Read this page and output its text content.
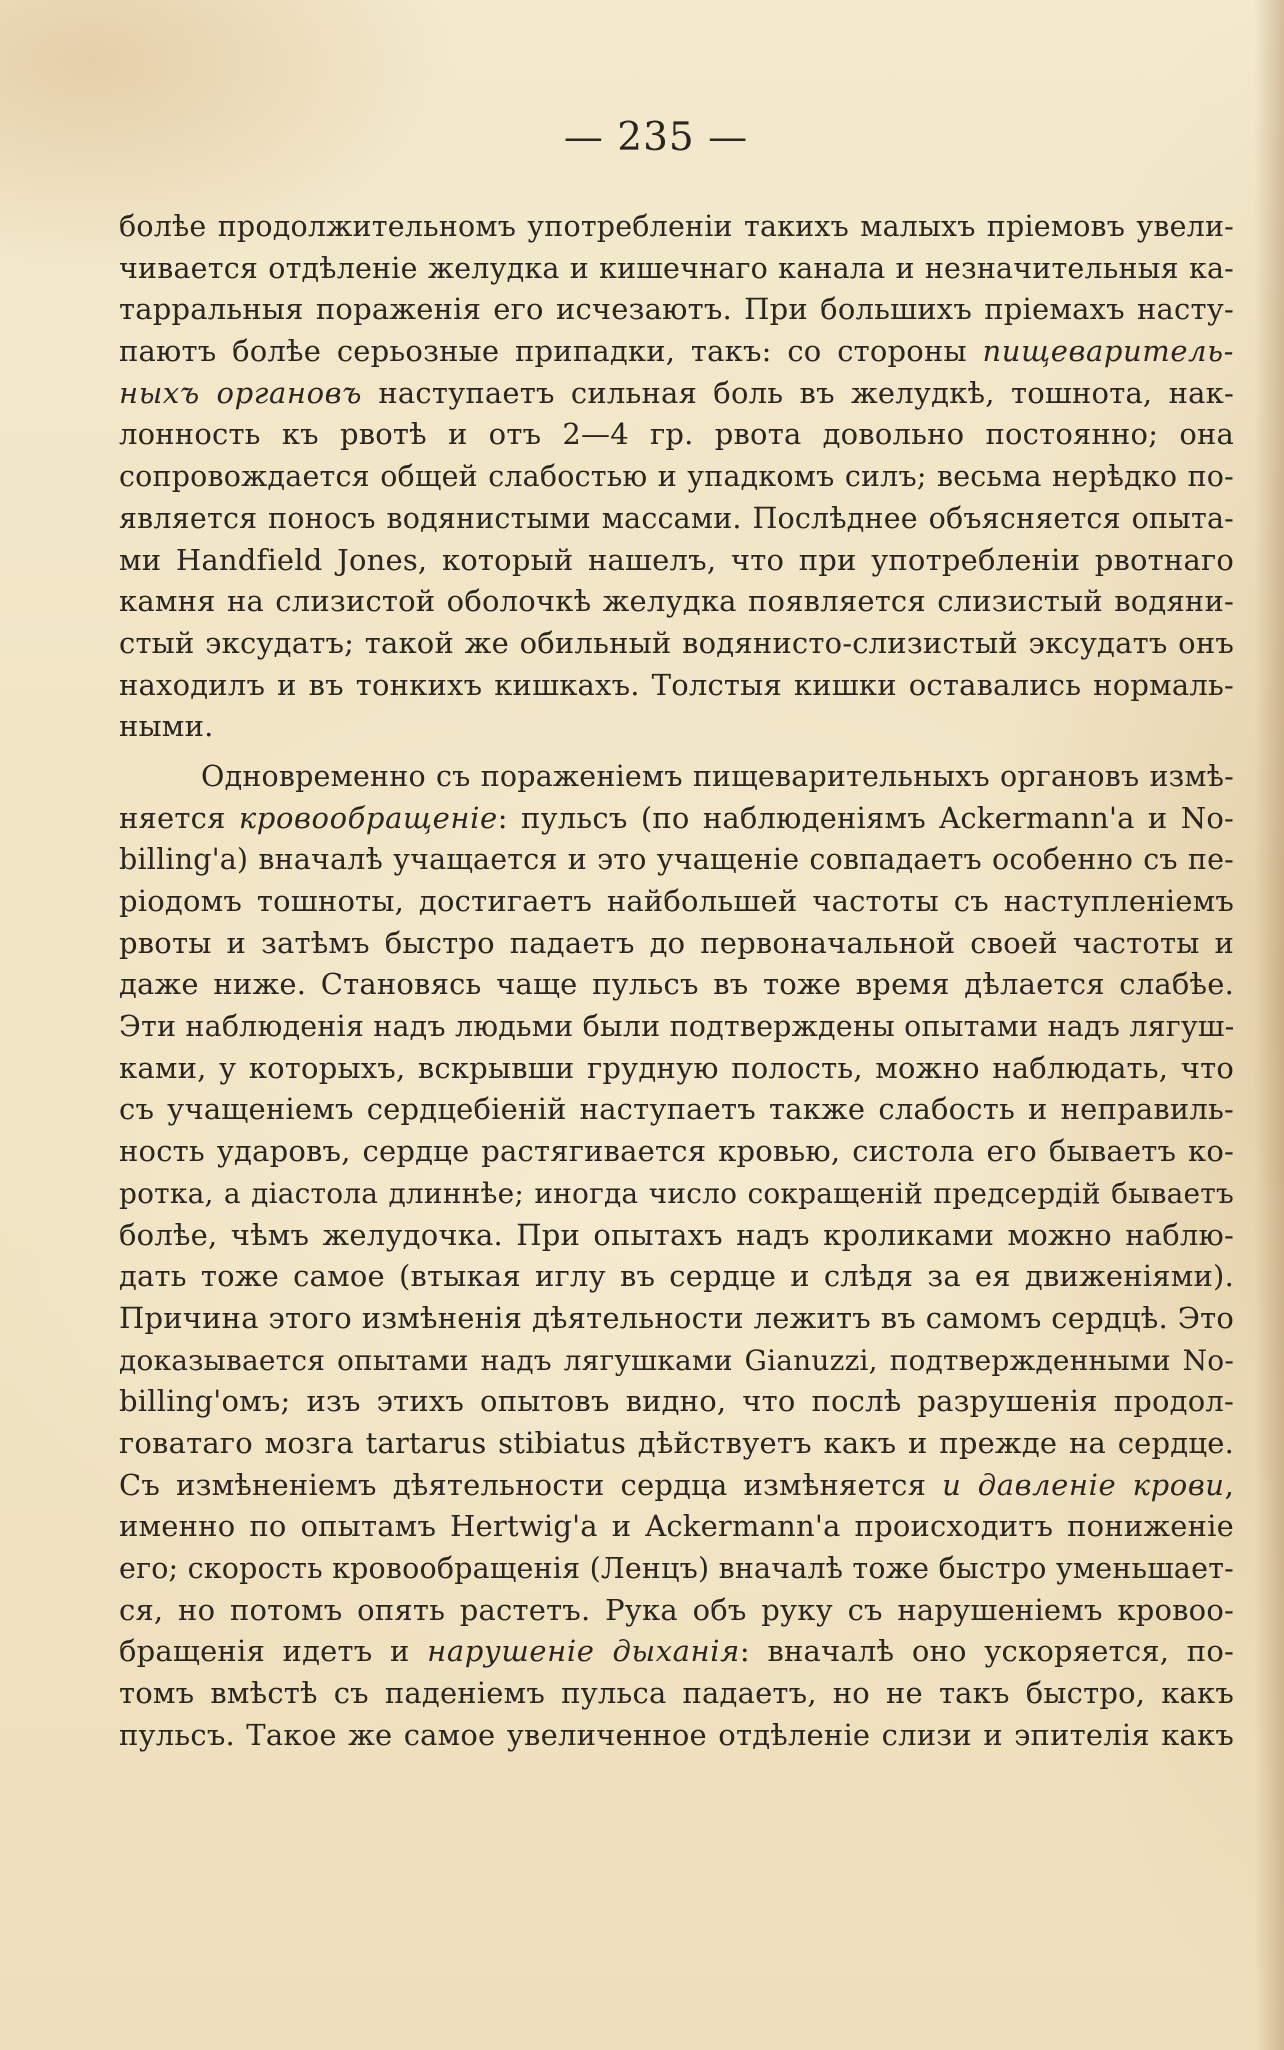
— 235 —
болѣе продолжительномъ употребленіи такихъ малыхъ пріемовъ увели-
чивается отдѣленіе желудка и кишечнаго канала и незначительныя ка-
тарральныя пораженія его исчезаютъ. При большихъ пріемахъ насту-
паютъ болѣе серьозные припадки, такъ: со стороны пищеваритель-
ныхъ органовъ наступаетъ сильная боль въ желудкѣ, тошнота, нак-
лонность къ рвотѣ и отъ 2—4 гр. рвота довольно постоянно; она
сопровождается общей слабостью и упадкомъ силъ; весьма нерѣдко по-
является поносъ водянистыми массами. Послѣднее объясняется опыта-
ми Handfield Jones, который нашелъ, что при употребленіи рвотнаго
камня на слизистой оболочкѣ желудка появляется слизистый водяни-
стый эксудатъ; такой же обильный водянисто-слизистый эксудатъ онъ
находилъ и въ тонкихъ кишкахъ. Толстыя кишки оставались нормаль-
ными.
Одновременно съ пораженіемъ пищеварительныхъ органовъ измѣ-
няется кровообращеніе: пульсъ (по наблюденіямъ Ackermann'a и No-
billing'a) вначалѣ учащается и это учащеніе совпадаетъ особенно съ пе-
ріодомъ тошноты, достигаетъ найбольшей частоты съ наступленіемъ
рвоты и затѣмъ быстро падаетъ до первоначальной своей частоты и
даже ниже. Становясь чаще пульсъ въ тоже время дѣлается слабѣе.
Эти наблюденія надъ людьми были подтверждены опытами надъ лягуш-
ками, у которыхъ, вскрывши грудную полость, можно наблюдать, что
съ учащеніемъ сердцебіеній наступаетъ также слабость и неправиль-
ность ударовъ, сердце растягивается кровью, систола его бываетъ ко-
ротка, а діастола длиннѣе; иногда число сокращеній предсердій бываетъ
болѣе, чѣмъ желудочка. При опытахъ надъ кроликами можно наблю-
дать тоже самое (втыкая иглу въ сердце и слѣдя за ея движеніями).
Причина этого измѣненія дѣятельности лежитъ въ самомъ сердцѣ. Это
доказывается опытами надъ лягушками Gianuzzi, подтвержденными No-
billing'омъ; изъ этихъ опытовъ видно, что послѣ разрушенія продол-
говатаго мозга tartarus stibiatus дѣйствуетъ какъ и прежде на сердце.
Съ измѣненіемъ дѣятельности сердца измѣняется и давленіе крови,
именно по опытамъ Hertwig'a и Ackermann'a происходитъ пониженіе
его; скорость кровообращенія (Ленцъ) вначалѣ тоже быстро уменьшает-
ся, но потомъ опять растетъ. Рука объ руку съ нарушеніемъ кровоо-
бращенія идетъ и нарушеніе дыханія: вначалѣ оно ускоряется, по-
томъ вмѣстѣ съ паденіемъ пульса падаетъ, но не такъ быстро, какъ
пульсъ. Такое же самое увеличенное отдѣленіе слизи и эпителія какъ
